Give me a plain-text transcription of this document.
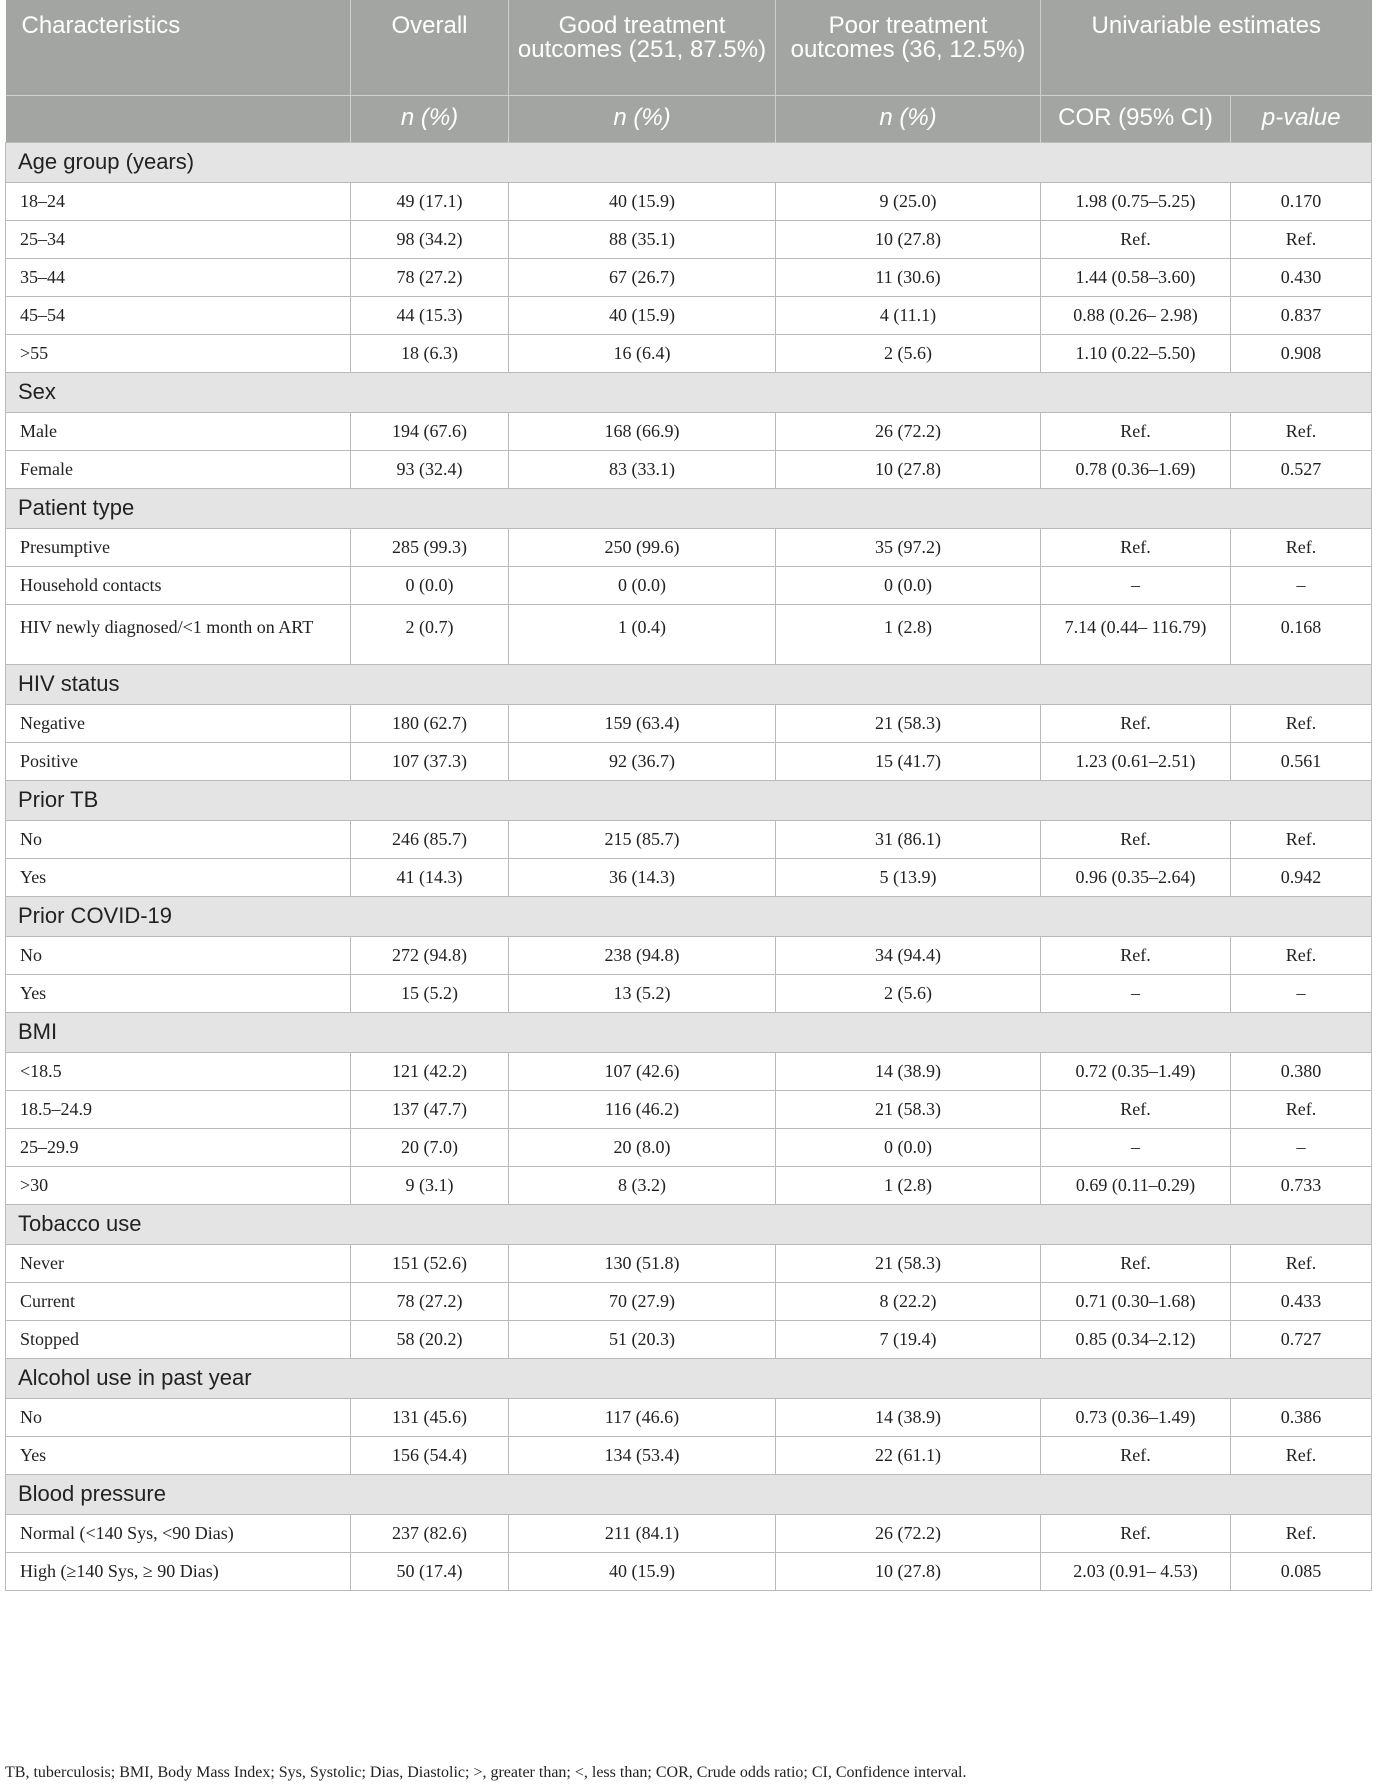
Characteristics	Overall	Good treatment outcomes (251, 87.5%)	Poor treatment outcomes (36, 12.5%)	Univariable estimates	
	n (%)	n (%)	n (%)	COR (95% CI)	p-value
Age group (years)					
18–24	49 (17.1)	40 (15.9)	9 (25.0)	1.98 (0.75–5.25)	0.170
25–34	98 (34.2)	88 (35.1)	10 (27.8)	Ref.	Ref.
35–44	78 (27.2)	67 (26.7)	11 (30.6)	1.44 (0.58–3.60)	0.430
45–54	44 (15.3)	40 (15.9)	4 (11.1)	0.88 (0.26– 2.98)	0.837
>55	18 (6.3)	16 (6.4)	2 (5.6)	1.10 (0.22–5.50)	0.908
Sex					
Male	194 (67.6)	168 (66.9)	26 (72.2)	Ref.	Ref.
Female	93 (32.4)	83 (33.1)	10 (27.8)	0.78 (0.36–1.69)	0.527
Patient type					
Presumptive	285 (99.3)	250 (99.6)	35 (97.2)	Ref.	Ref.
Household contacts	0 (0.0)	0 (0.0)	0 (0.0)	–	–
HIV newly diagnosed/<1 month on ART	2 (0.7)	1 (0.4)	1 (2.8)	7.14 (0.44– 116.79)	0.168
HIV status					
Negative	180 (62.7)	159 (63.4)	21 (58.3)	Ref.	Ref.
Positive	107 (37.3)	92 (36.7)	15 (41.7)	1.23 (0.61–2.51)	0.561
Prior TB					
No	246 (85.7)	215 (85.7)	31 (86.1)	Ref.	Ref.
Yes	41 (14.3)	36 (14.3)	5 (13.9)	0.96 (0.35–2.64)	0.942
Prior COVID-19					
No	272 (94.8)	238 (94.8)	34 (94.4)	Ref.	Ref.
Yes	15 (5.2)	13 (5.2)	2 (5.6)	–	–
BMI					
<18.5	121 (42.2)	107 (42.6)	14 (38.9)	0.72 (0.35–1.49)	0.380
18.5–24.9	137 (47.7)	116 (46.2)	21 (58.3)	Ref.	Ref.
25–29.9	20 (7.0)	20 (8.0)	0 (0.0)	–	–
>30	9 (3.1)	8 (3.2)	1 (2.8)	0.69 (0.11–0.29)	0.733
Tobacco use					
Never	151 (52.6)	130 (51.8)	21 (58.3)	Ref.	Ref.
Current	78 (27.2)	70 (27.9)	8 (22.2)	0.71 (0.30–1.68)	0.433
Stopped	58 (20.2)	51 (20.3)	7 (19.4)	0.85 (0.34–2.12)	0.727
Alcohol use in past year					
No	131 (45.6)	117 (46.6)	14 (38.9)	0.73 (0.36–1.49)	0.386
Yes	156 (54.4)	134 (53.4)	22 (61.1)	Ref.	Ref.
Blood pressure					
Normal (<140 Sys, <90 Dias)	237 (82.6)	211 (84.1)	26 (72.2)	Ref.	Ref.
High (≥140 Sys, ≥ 90 Dias)	50 (17.4)	40 (15.9)	10 (27.8)	2.03 (0.91– 4.53)	0.085
TB, tuberculosis; BMI, Body Mass Index; Sys, Systolic; Dias, Diastolic; >, greater than; <, less than; COR, Crude odds ratio; CI, Confidence interval.
